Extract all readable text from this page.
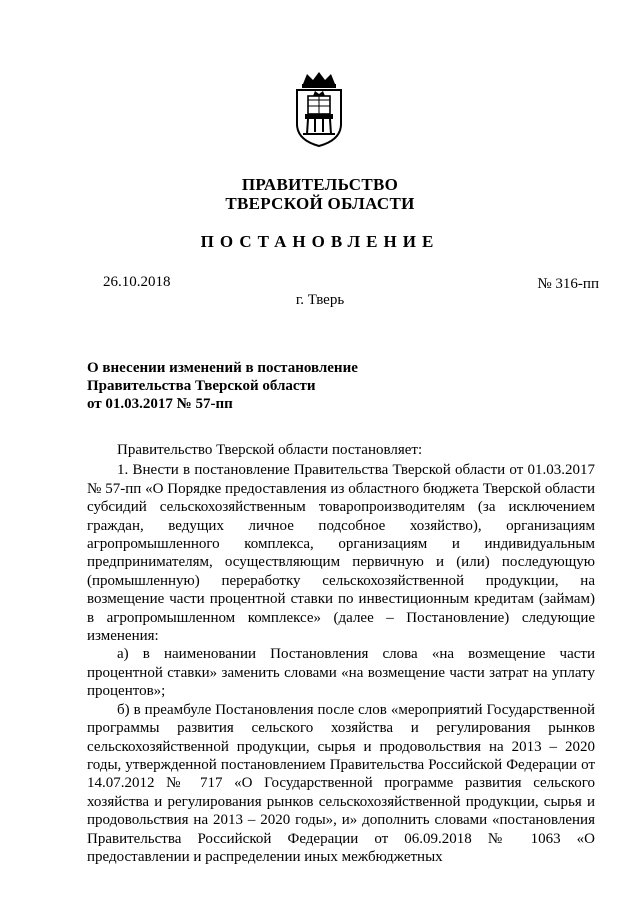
ПРАВИТЕЛЬСТВО
ТВЕРСКОЙ ОБЛАСТИ
ПОСТАНОВЛЕНИЕ
26.10.2018	№ 316-пп
г. Тверь
О внесении изменений в постановление
Правительства Тверской области
от 01.03.2017 № 57-пп

Правительство Тверской области постановляет:

1. Внести в постановление Правительства Тверской области от 01.03.2017 № 57-пп «О Порядке предоставления из областного бюджета Тверской области субсидий сельскохозяйственным товаропроизводителям (за исключением граждан, ведущих личное подсобное хозяйство), организациям агропромышленного комплекса, организациям и индивидуальным предпринимателям, осуществляющим первичную и (или) последующую (промышленную) переработку сельскохозяйственной продукции, на возмещение части процентной ставки по инвестиционным кредитам (займам) в агропромышленном комплексе» (далее – Постановление) следующие изменения:

а) в наименовании Постановления слова «на возмещение части процентной ставки» заменить словами «на возмещение части затрат на уплату процентов»;

б) в преамбуле Постановления после слов «мероприятий Государственной программы развития сельского хозяйства и регулирования рынков сельскохозяйственной продукции, сырья и продовольствия на 2013 – 2020 годы, утвержденной постановлением Правительства Российской Федерации от 14.07.2012 № 717 «О Государственной программе развития сельского хозяйства и регулирования рынков сельскохозяйственной продукции, сырья и продовольствия на 2013 – 2020 годы», и» дополнить словами «постановления Правительства Российской Федерации от 06.09.2018 № 1063 «О предоставлении и распределении иных межбюджетных
